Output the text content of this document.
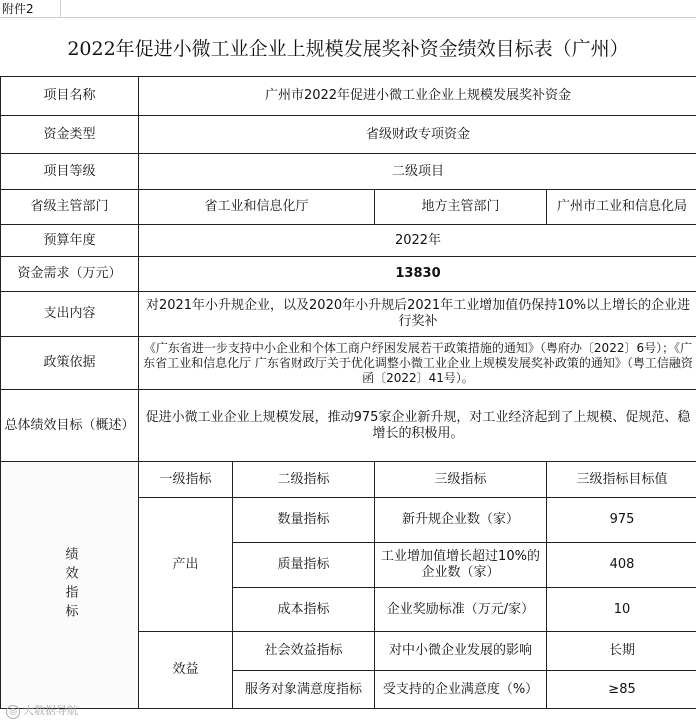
附件2
2022年促进小微工业企业上规模发展奖补资金绩效目标表（广州）
项目名称	广州市2022年促进小微工业企业上规模发展奖补资金			
资金类型	省级财政专项资金			
项目等级	二级项目			
省级主管部门	省工业和信息化厅		地方主管部门	广州市工业和信息化局
预算年度	2022年			
资金需求（万元）	13830			
支出内容	对2021年小升规企业，以及2020年小升规后2021年工业增加值仍保持10%以上增长的企业进行奖补			
政策依据	《广东省进一步支持中小企业和个体工商户纾困发展若干政策措施的通知》（粤府办〔2022〕6号）；《广东省工业和信息化厅 广东省财政厅关于优化调整小微工业企业上规模发展奖补政策的通知》（粤工信融资函〔2022〕41号）。			
总体绩效目标（概述）	促进小微工业企业上规模发展，推动975家企业新升规，对工业经济起到了上规模、促规范、稳增长的积极用。			

绩效指标	一级指标	二级指标	三级指标	三级指标目标值
	产出	数量指标	新升规企业数（家）	975
		质量指标	工业增加值增长超过10%的企业数（家）	408
		成本指标	企业奖励标准（万元/家）	10
	效益	社会效益指标	对中小微企业发展的影响	长期
		服务对象满意度指标	受支持的企业满意度（%）	≥85
◎ 大数据导航
